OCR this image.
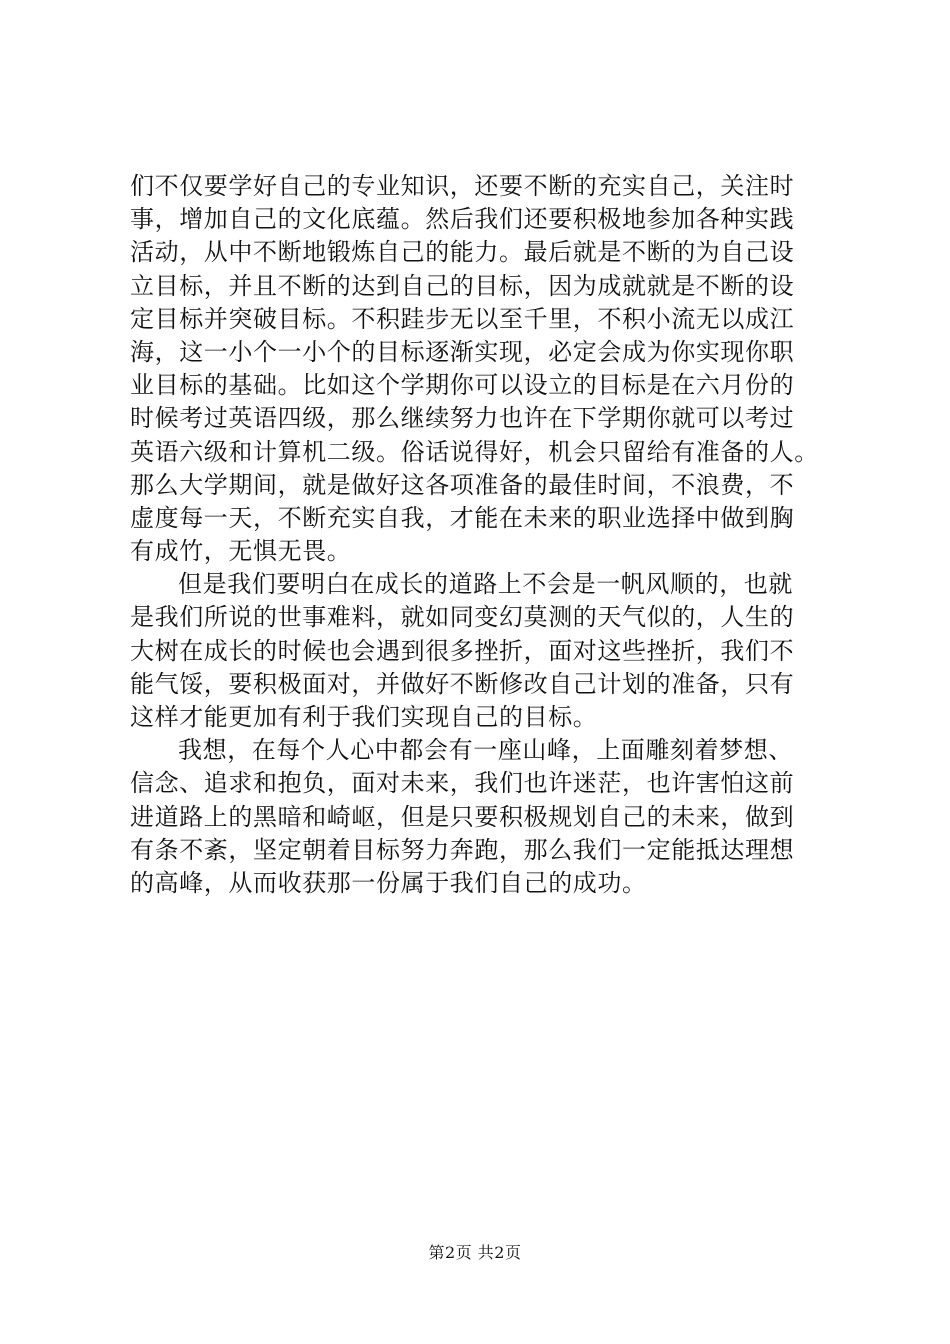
们不仅要学好自己的专业知识，还要不断的充实自己，关注时
事，增加自己的文化底蕴。然后我们还要积极地参加各种实践
活动，从中不断地锻炼自己的能力。最后就是不断的为自己设
立目标，并且不断的达到自己的目标，因为成就就是不断的设
定目标并突破目标。不积跬步无以至千里，不积小流无以成江
海，这一小个一小个的目标逐渐实现，必定会成为你实现你职
业目标的基础。比如这个学期你可以设立的目标是在六月份的
时候考过英语四级，那么继续努力也许在下学期你就可以考过
英语六级和计算机二级。俗话说得好，机会只留给有准备的人。
那么大学期间，就是做好这各项准备的最佳时间，不浪费，不
虚度每一天，不断充实自我，才能在未来的职业选择中做到胸
有成竹，无惧无畏。
但是我们要明白在成长的道路上不会是一帆风顺的，也就
是我们所说的世事难料，就如同变幻莫测的天气似的，人生的
大树在成长的时候也会遇到很多挫折，面对这些挫折，我们不
能气馁，要积极面对，并做好不断修改自己计划的准备，只有
这样才能更加有利于我们实现自己的目标。
我想，在每个人心中都会有一座山峰，上面雕刻着梦想、
信念、追求和抱负，面对未来，我们也许迷茫，也许害怕这前
进道路上的黑暗和崎岖，但是只要积极规划自己的未来，做到
有条不紊，坚定朝着目标努力奔跑，那么我们一定能抵达理想
的高峰，从而收获那一份属于我们自己的成功。
第2页 共2页
